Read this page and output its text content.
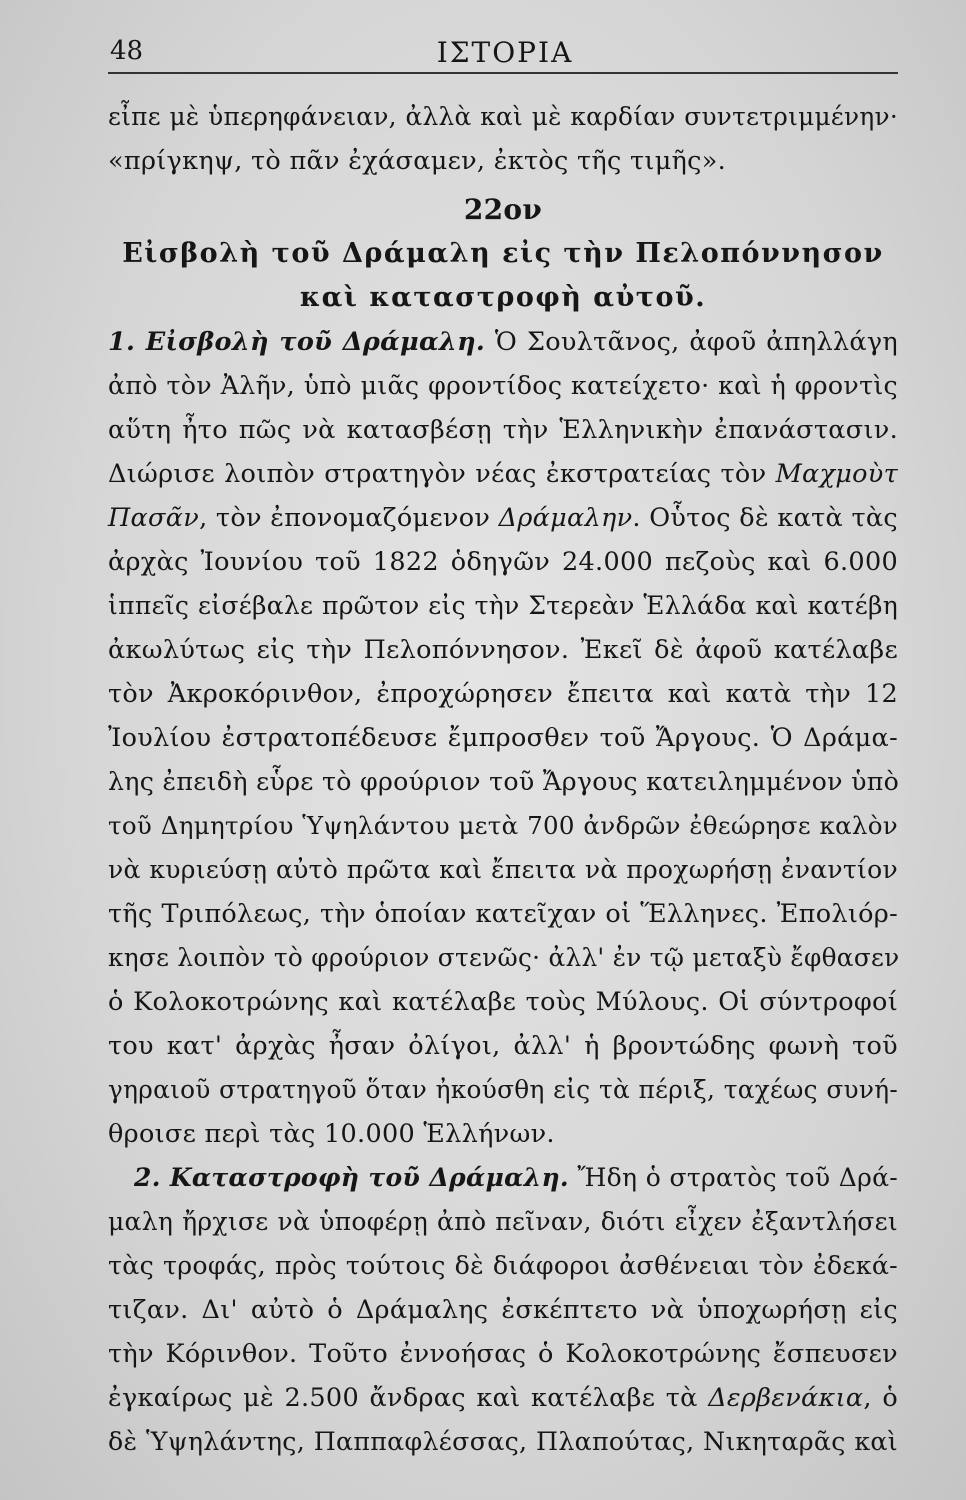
48	ΙΣΤΟΡΙΑ
εἶπε μὲ ὑπερηφάνειαν, ἀλλὰ καὶ μὲ καρδίαν συντετριμμένην·
«πρίγκηψ, τὸ πᾶν ἐχάσαμεν, ἐκτὸς τῆς τιμῆς».
22ον
Εἰσβολὴ τοῦ Δράμαλη εἰς τὴν Πελοπόννησον
καὶ καταστροφὴ αὐτοῦ.
1. Εἰσβολὴ τοῦ Δράμαλη. Ὁ Σουλτᾶνος, ἀφοῦ ἀπηλλάγη
ἀπὸ τὸν Ἀλῆν, ὑπὸ μιᾶς φροντίδος κατείχετο· καὶ ἡ φροντὶς
αὕτη ἦτο πῶς νὰ κατασβέσῃ τὴν Ἑλληνικὴν ἐπανάστασιν.
Διώρισε λοιπὸν στρατηγὸν νέας ἐκστρατείας τὸν Μαχμοὺτ
Πασᾶν, τὸν ἐπονομαζόμενον Δράμαλην. Οὗτος δὲ κατὰ τὰς
ἀρχὰς Ἰουνίου τοῦ 1822 ὁδηγῶν 24.000 πεζοὺς καὶ 6.000
ἱππεῖς εἰσέβαλε πρῶτον εἰς τὴν Στερεὰν Ἑλλάδα καὶ κατέβη
ἀκωλύτως εἰς τὴν Πελοπόννησον. Ἐκεῖ δὲ ἀφοῦ κατέλαβε
τὸν Ἀκροκόρινθον, ἐπροχώρησεν ἔπειτα καὶ κατὰ τὴν 12
Ἰουλίου ἐστρατοπέδευσε ἔμπροσθεν τοῦ Ἄργους. Ὁ Δράμα-
λης ἐπειδὴ εὗρε τὸ φρούριον τοῦ Ἄργους κατειλημμένον ὑπὸ
τοῦ Δημητρίου Ὑψηλάντου μετὰ 700 ἀνδρῶν ἐθεώρησε καλὸν
νὰ κυριεύσῃ αὐτὸ πρῶτα καὶ ἔπειτα νὰ προχωρήσῃ ἐναντίον
τῆς Τριπόλεως, τὴν ὁποίαν κατεῖχαν οἱ Ἕλληνες. Ἐπολιόρ-
κησε λοιπὸν τὸ φρούριον στενῶς· ἀλλ' ἐν τῷ μεταξὺ ἔφθασεν
ὁ Κολοκοτρώνης καὶ κατέλαβε τοὺς Μύλους. Οἱ σύντροφοί
του κατ' ἀρχὰς ἦσαν ὀλίγοι, ἀλλ' ἡ βροντώδης φωνὴ τοῦ
γηραιοῦ στρατηγοῦ ὅταν ἠκούσθη εἰς τὰ πέριξ, ταχέως συνή-
θροισε περὶ τὰς 10.000 Ἑλλήνων.
2. Καταστροφὴ τοῦ Δράμαλη. Ἤδη ὁ στρατὸς τοῦ Δρά-
μαλη ἤρχισε νὰ ὑποφέρῃ ἀπὸ πεῖναν, διότι εἶχεν ἐξαντλήσει
τὰς τροφάς, πρὸς τούτοις δὲ διάφοροι ἀσθένειαι τὸν ἐδεκά-
τιζαν. Δι' αὐτὸ ὁ Δράμαλης ἐσκέπτετο νὰ ὑποχωρήσῃ εἰς
τὴν Κόρινθον. Τοῦτο ἐννοήσας ὁ Κολοκοτρώνης ἔσπευσεν
ἐγκαίρως μὲ 2.500 ἄνδρας καὶ κατέλαβε τὰ Δερβενάκια, ὁ
δὲ Ὑψηλάντης, Παππαφλέσσας, Πλαπούτας, Νικηταρᾶς καὶ
